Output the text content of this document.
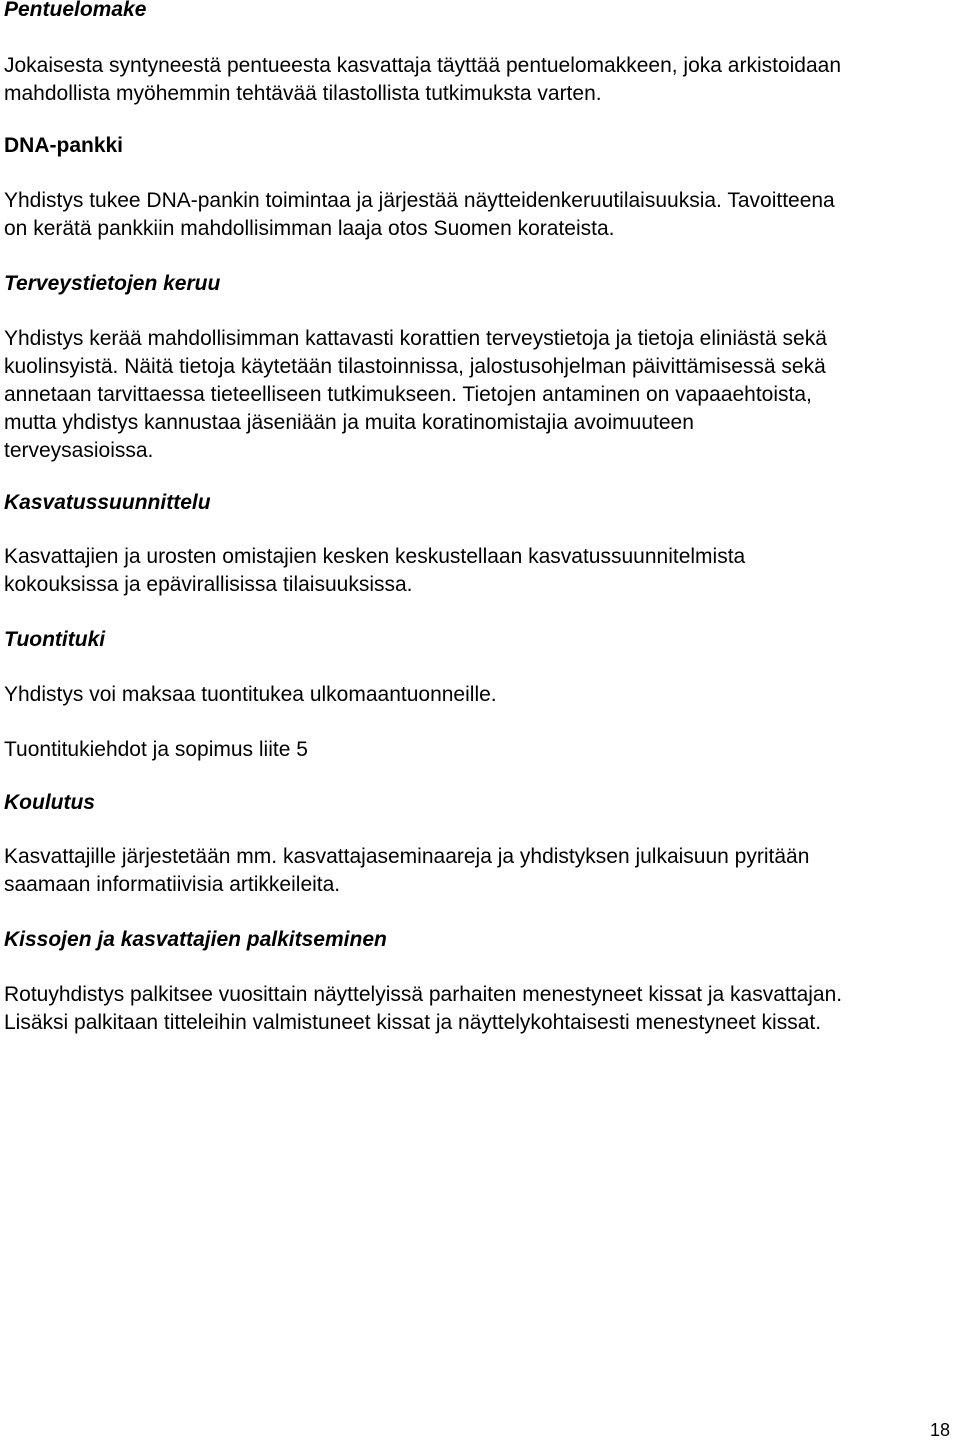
Pentuelomake

Jokaisesta syntyneestä pentueesta kasvattaja täyttää pentuelomakkeen, joka arkistoidaan
mahdollista myöhemmin tehtävää tilastollista tutkimuksta varten.

DNA-pankki

Yhdistys tukee DNA-pankin toimintaa ja järjestää näytteidenkeruutilaisuuksia. Tavoitteena
on kerätä pankkiin mahdollisimman laaja otos Suomen korateista.

Terveystietojen keruu

Yhdistys kerää mahdollisimman kattavasti korattien terveystietoja ja tietoja eliniästä sekä
kuolinsyistä. Näitä tietoja käytetään tilastoinnissa, jalostusohjelman päivittämisessä sekä
annetaan tarvittaessa tieteelliseen tutkimukseen. Tietojen antaminen on vapaaehtoista,
mutta yhdistys kannustaa jäseniään ja muita koratinomistajia avoimuuteen
terveysasioissa.

Kasvatussuunnittelu

Kasvattajien ja urosten omistajien kesken keskustellaan kasvatussuunnitelmista
kokouksissa ja epävirallisissa tilaisuuksissa.

Tuontituki

Yhdistys voi maksaa tuontitukea ulkomaantuonneille.

Tuontitukiehdot ja sopimus liite 5

Koulutus

Kasvattajille järjestetään mm. kasvattajaseminaareja ja yhdistyksen julkaisuun pyritään
saamaan informatiivisia artikkeileita.

Kissojen ja kasvattajien palkitseminen

Rotuyhdistys palkitsee vuosittain näyttelyissä parhaiten menestyneet kissat ja kasvattajan.
Lisäksi palkitaan titteleihin valmistuneet kissat ja näyttelykohtaisesti menestyneet kissat.

18
